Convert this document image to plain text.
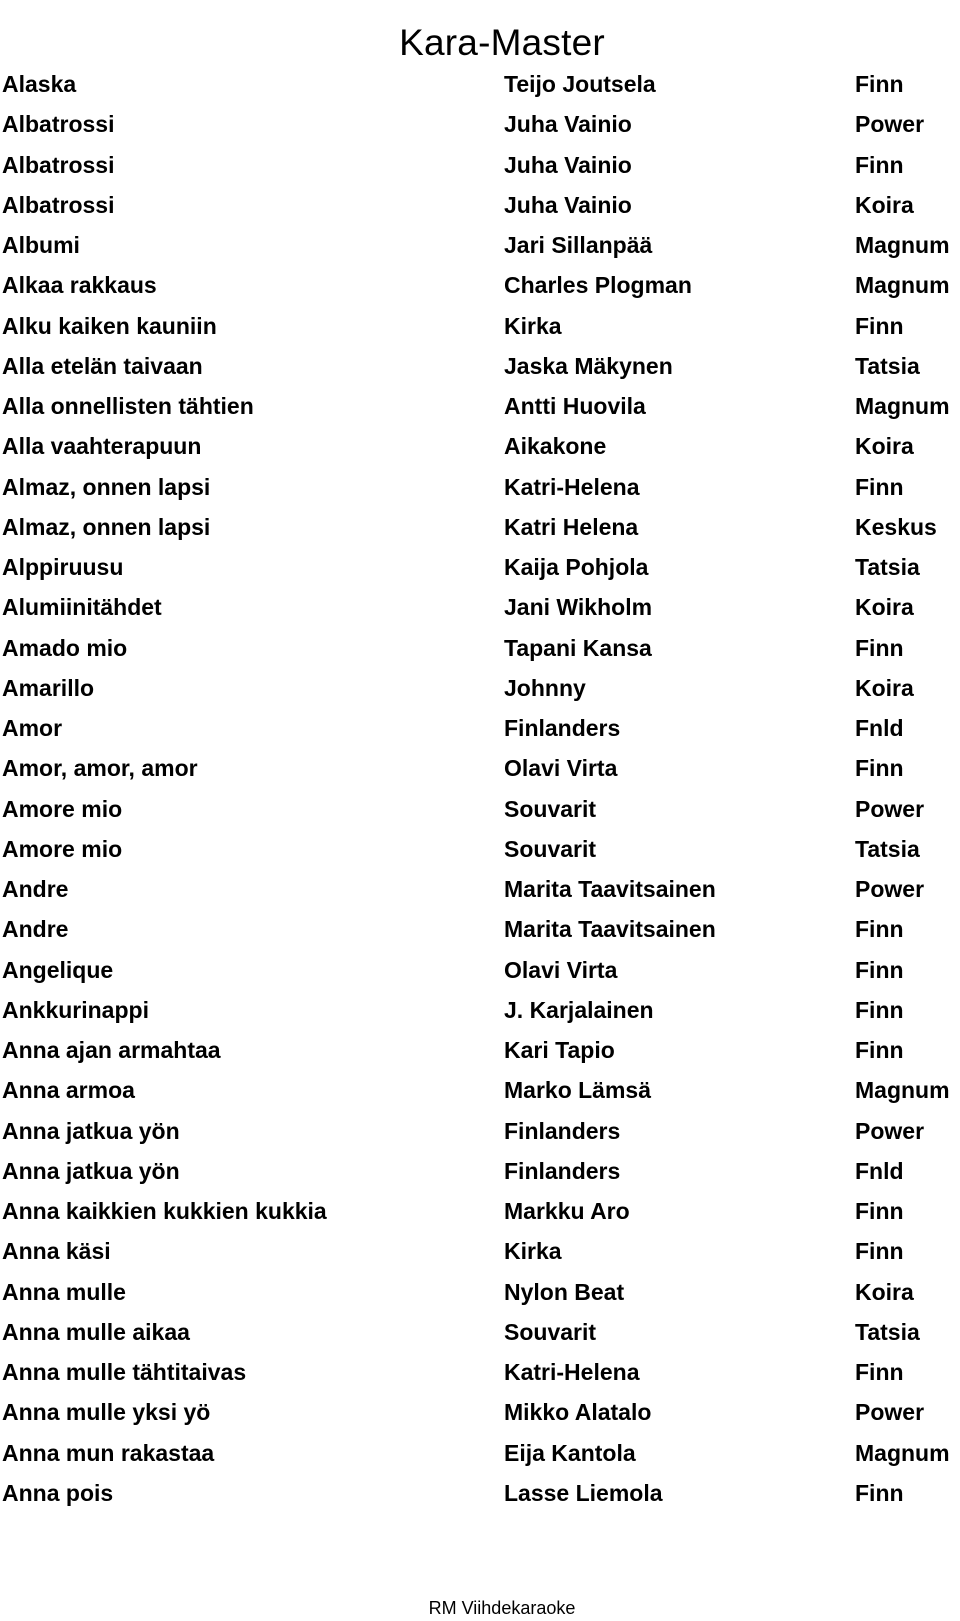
Kara-Master
Alaska	Teijo Joutsela	Finn
Albatrossi	Juha Vainio	Power
Albatrossi	Juha Vainio	Finn
Albatrossi	Juha Vainio	Koira
Albumi	Jari Sillanpää	Magnum
Alkaa rakkaus	Charles Plogman	Magnum
Alku kaiken kauniin	Kirka	Finn
Alla etelän taivaan	Jaska Mäkynen	Tatsia
Alla onnellisten tähtien	Antti Huovila	Magnum
Alla vaahterapuun	Aikakone	Koira
Almaz, onnen lapsi	Katri-Helena	Finn
Almaz, onnen lapsi	Katri Helena	Keskus
Alppiruusu	Kaija Pohjola	Tatsia
Alumiinitähdet	Jani Wikholm	Koira
Amado mio	Tapani Kansa	Finn
Amarillo	Johnny	Koira
Amor	Finlanders	Fnld
Amor, amor, amor	Olavi Virta	Finn
Amore mio	Souvarit	Power
Amore mio	Souvarit	Tatsia
Andre	Marita Taavitsainen	Power
Andre	Marita Taavitsainen	Finn
Angelique	Olavi Virta	Finn
Ankkurinappi	J. Karjalainen	Finn
Anna ajan armahtaa	Kari Tapio	Finn
Anna armoa	Marko Lämsä	Magnum
Anna jatkua yön	Finlanders	Power
Anna jatkua yön	Finlanders	Fnld
Anna kaikkien kukkien kukkia	Markku Aro	Finn
Anna käsi	Kirka	Finn
Anna mulle	Nylon Beat	Koira
Anna mulle aikaa	Souvarit	Tatsia
Anna mulle tähtitaivas	Katri-Helena	Finn
Anna mulle yksi yö	Mikko Alatalo	Power
Anna mun rakastaa	Eija Kantola	Magnum
Anna pois	Lasse Liemola	Finn
RM Viihdekaraoke
